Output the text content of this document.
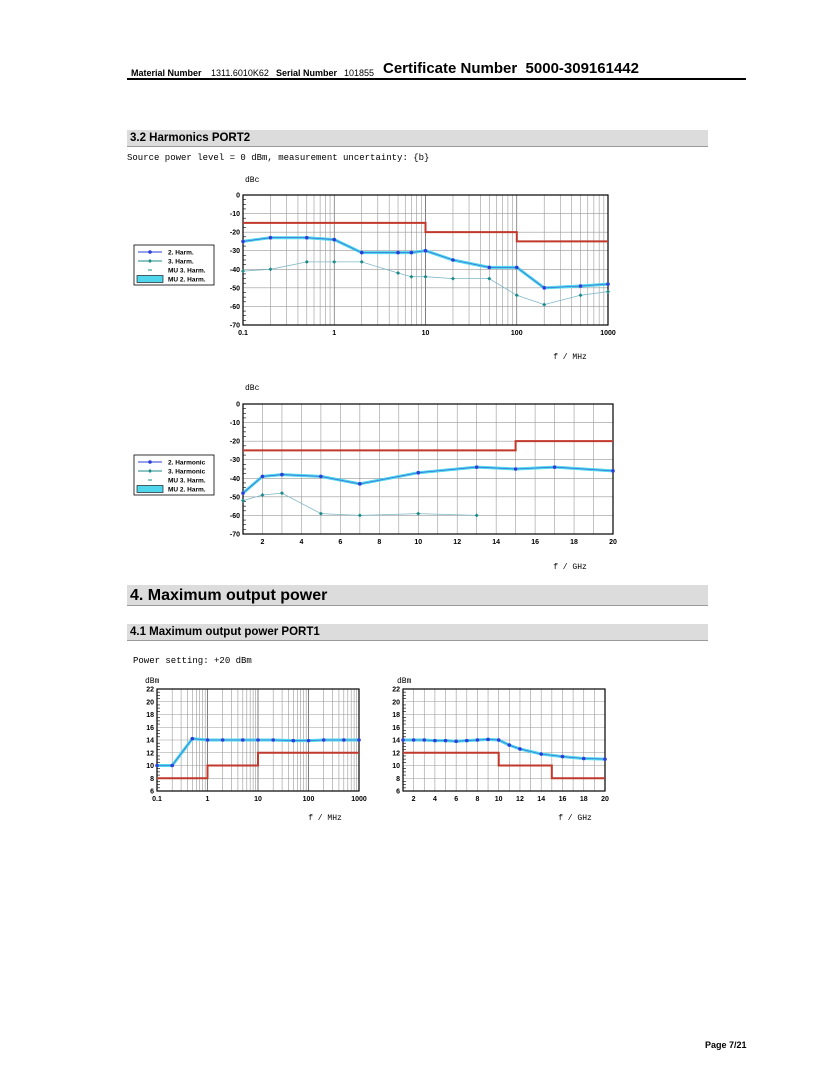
Material Number 1311.6010K62 Serial Number 101855 Certificate Number  5000-309161442
3.2 Harmonics PORT2
Source power level = 0 dBm, measurement uncertainty: {b}
0
-10
-20
-30
-40
-50
-60
-70
0.1	1	10	100	1000
dBc
f / MHz
2. Harm.
3. Harm.
MU 3. Harm.
MU 2. Harm.
0
-10
-20
-30
-40
-50
-60
-70
2	4	6	8	10	12	14	16	18	20
dBc
f / GHz
2. Harmonic
3. Harmonic
MU 3. Harm.
MU 2. Harm.
4. Maximum output power
4.1 Maximum output power PORT1
Power setting: +20 dBm
22
20
18
16
14
12
10
8
6
0.1	1	10	100	1000
dBm
f / MHz
22
20
18
16
14
12
10
8
6
2 4 6 8 10 12 14 16 18 20
dBm
f / GHz
Page 7/21
